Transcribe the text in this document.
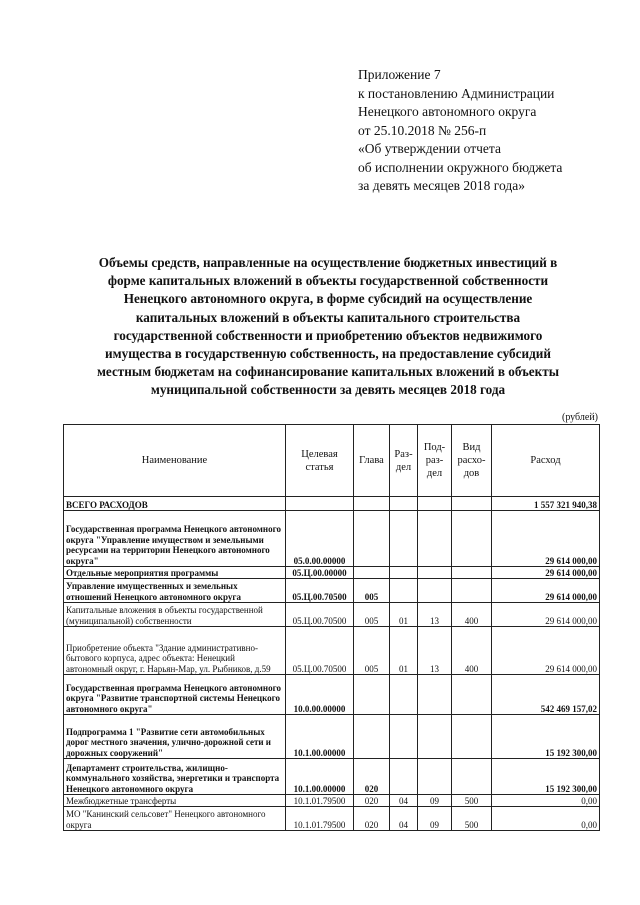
Приложение 7
к постановлению Администрации
Ненецкого автономного округа
от 25.10.2018 № 256-п
«Об утверждении отчета
об исполнении окружного бюджета
за девять месяцев 2018 года»
Объемы средств, направленные на осуществление бюджетных инвестиций в
форме капитальных вложений в объекты государственной собственности
Ненецкого автономного округа, в форме субсидий на осуществление
капитальных вложений в объекты капитального строительства
государственной собственности и приобретению объектов недвижимого
имущества в государственную собственность, на предоставление субсидий
местным бюджетам на софинансирование капитальных вложений в объекты
муниципальной собственности за девять месяцев 2018 года
(рублей)
Наименование	Целевая статья	Глава	Раз-дел	Под-раз-дел	Вид расхо-дов	Расход
ВСЕГО РАСХОДОВ						1 557 321 940,38
Государственная программа Ненецкого автономного округа "Управление имуществом и земельными ресурсами на территории Ненецкого автономного округа"	05.0.00.00000					29 614 000,00
Отдельные мероприятия программы	05.Ц.00.00000					29 614 000,00
Управление имущественных и земельных отношений Ненецкого автономного округа	05.Ц.00.70500	005				29 614 000,00
Капитальные вложения в объекты государственной (муниципальной) собственности	05.Ц.00.70500	005	01	13	400	29 614 000,00
Приобретение объекта "Здание административно-бытового корпуса, адрес объекта: Ненецкий автономный округ, г. Нарьян-Мар, ул. Рыбников, д.59	05.Ц.00.70500	005	01	13	400	29 614 000,00
Государственная программа Ненецкого автономного округа "Развитие транспортной системы Ненецкого автономного округа"	10.0.00.00000					542 469 157,02
Подпрограмма 1 "Развитие сети автомобильных дорог местного значения, улично-дорожной сети и дорожных сооружений"	10.1.00.00000					15 192 300,00
Департамент строительства, жилищно-коммунального хозяйства, энергетики и транспорта Ненецкого автономного округа	10.1.00.00000	020				15 192 300,00
Межбюджетные трансферты	10.1.01.79500	020	04	09	500	0,00
МО "Канинский сельсовет" Ненецкого автономного округа	10.1.01.79500	020	04	09	500	0,00
